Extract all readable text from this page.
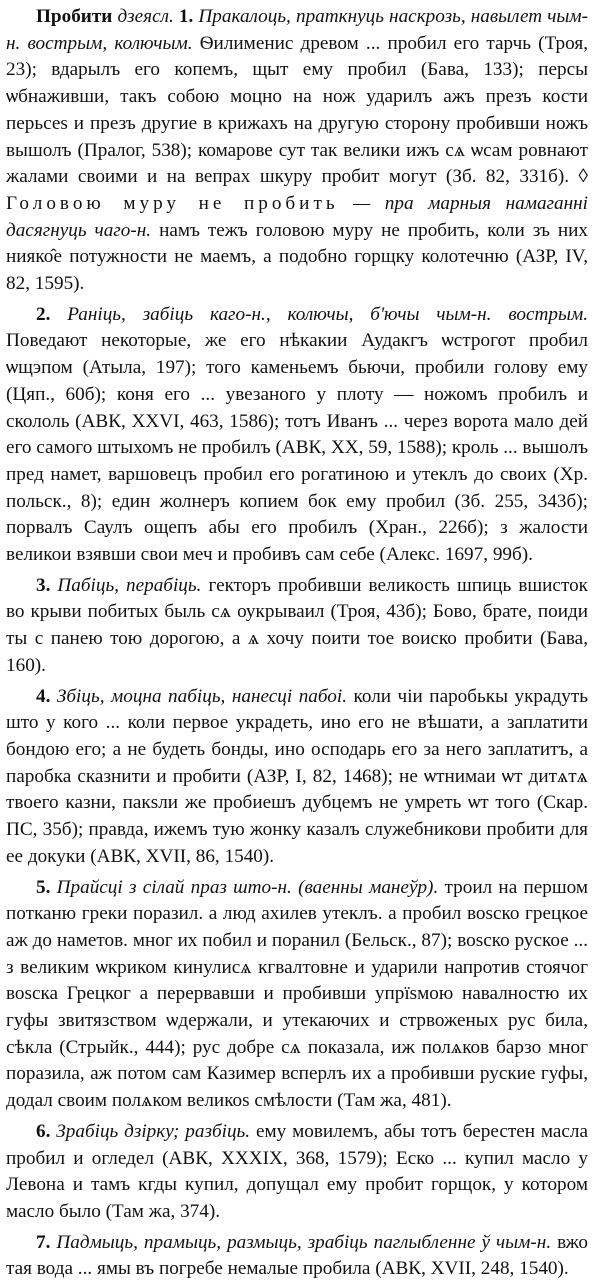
Пробити дзеясл. 1. Пракалоць, праткнуць наскрозь, навылет чым-н. вострым, колючым. Ѳилименис древом ... пробил его тарчь (Троя, 23); вдарылъ его копемъ, щыт ему пробил (Бава, 133); персы ѡбнаживши, такъ собою моцно на нож ударилъ ажъ презъ кости перьсеѕ и презъ другие в крижахъ на другую сторону пробивши ножъ вышолъ (Пралог, 538); комарове сут так велики ижъ сѧ ѡсам ровнают жалами своими и на вепрах шкуру пробит могут (Зб. 82, 331б). ◊ Головою муру не пробить — пра марныя намаганні дасягнуць чаго-н. намъ тежъ головою муру не пробить, коли зъ них нияко̂е потужности не маемъ, а подобно горщку колотечню (АЗР, IV, 82, 1595).

2. Раніць, забіць каго-н., колючы, б'ючы чым-н. вострым. Поведают некоторые, же его нѣкакии Аудакгъ ѡстрогот пробил ѡщэпом (Атыла, 197); того каменьемъ бьючи, пробили голову ему (Цяп., 60б); коня его ... увезаного у плоту — ножомъ пробилъ и скололь (АВК, XXVI, 463, 1586); тотъ Иванъ ... через ворота мало дей его самого штыхомъ не пробилъ (АВК, XX, 59, 1588); кроль ... вышолъ пред намет, варшовецъ пробил его рогатиною и утеклъ до своих (Хр. польск., 8); един жолнеръ копием бок ему пробил (Зб. 255, 343б); порвалъ Саулъ ощепъ абы его пробилъ (Хран., 226б); з жалости великои взявши свои меч и пробивъ сам себе (Алекс. 1697, 99б).

3. Пабіць, перабіць. гекторъ пробивши великость шпиць вшисток во крыви побитых быль сѧ оукрываил (Троя, 43б); Бово, брате, поиди ты с панею тою дорогою, а ѧ хочу поити тое воиско пробити (Бава, 160).

4. Збіць, моцна пабіць, нанесці пабоі. коли чіи паробькы украдуть што у кого ... коли первое украдеть, ино его не вѣшати, а заплатити бондою его; а не будеть бонды, ино осподарь его за него заплатитъ, а паробка сказнити и пробити (АЗР, I, 82, 1468); не ѡтнимаи ѡт дитѧтѧ твоего казни, пакѕли же пробиешъ дубцемъ не умреть ѡт того (Скар. ПС, 35б); правда, ижемъ тую жонку казалъ служебникови пробити для ее докуки (АВК, XVII, 86, 1540).

5. Прайсці з сілай праз што-н. (ваенны манеўр). троил на першом потканю греки поразил. а люд ахилев утеклъ. а пробил воѕско грецкое аж до наметов. мног их побил и поранил (Бельск., 87); воѕско руское ... з великим ѡкриком кинулисѧ кгвалтовне и ударили напротив стоячог воѕска Грецког а перервавши и пробивши упрїѕмою навалностю их гуфы звитязством ѡдержали, и утекаючих и стрвоженых рус била, сѣкла (Стрыйк., 444); рус добре сѧ показала, иж полѧков барзо мног поразила, аж потом сам Казимер всперлъ их а пробивши руские гуфы, додал своим полѧком великоѕ смѣлости (Там жа, 481).

6. Зрабіць дзірку; разбіць. ему мовилемъ, абы тотъ берестен масла пробил и огледел (АВК, XXXIX, 368, 1579); Еско ... купил масло у Левона и тамъ кгды купил, допущал ему пробит горщок, у котором масло было (Там жа, 374).

7. Падмыць, прамыць, размыць, зрабіць паглыбленне ў чым-н. вжо тая вода ... ямы въ погребе немалые пробила (АВК, XVII, 248, 1540).
